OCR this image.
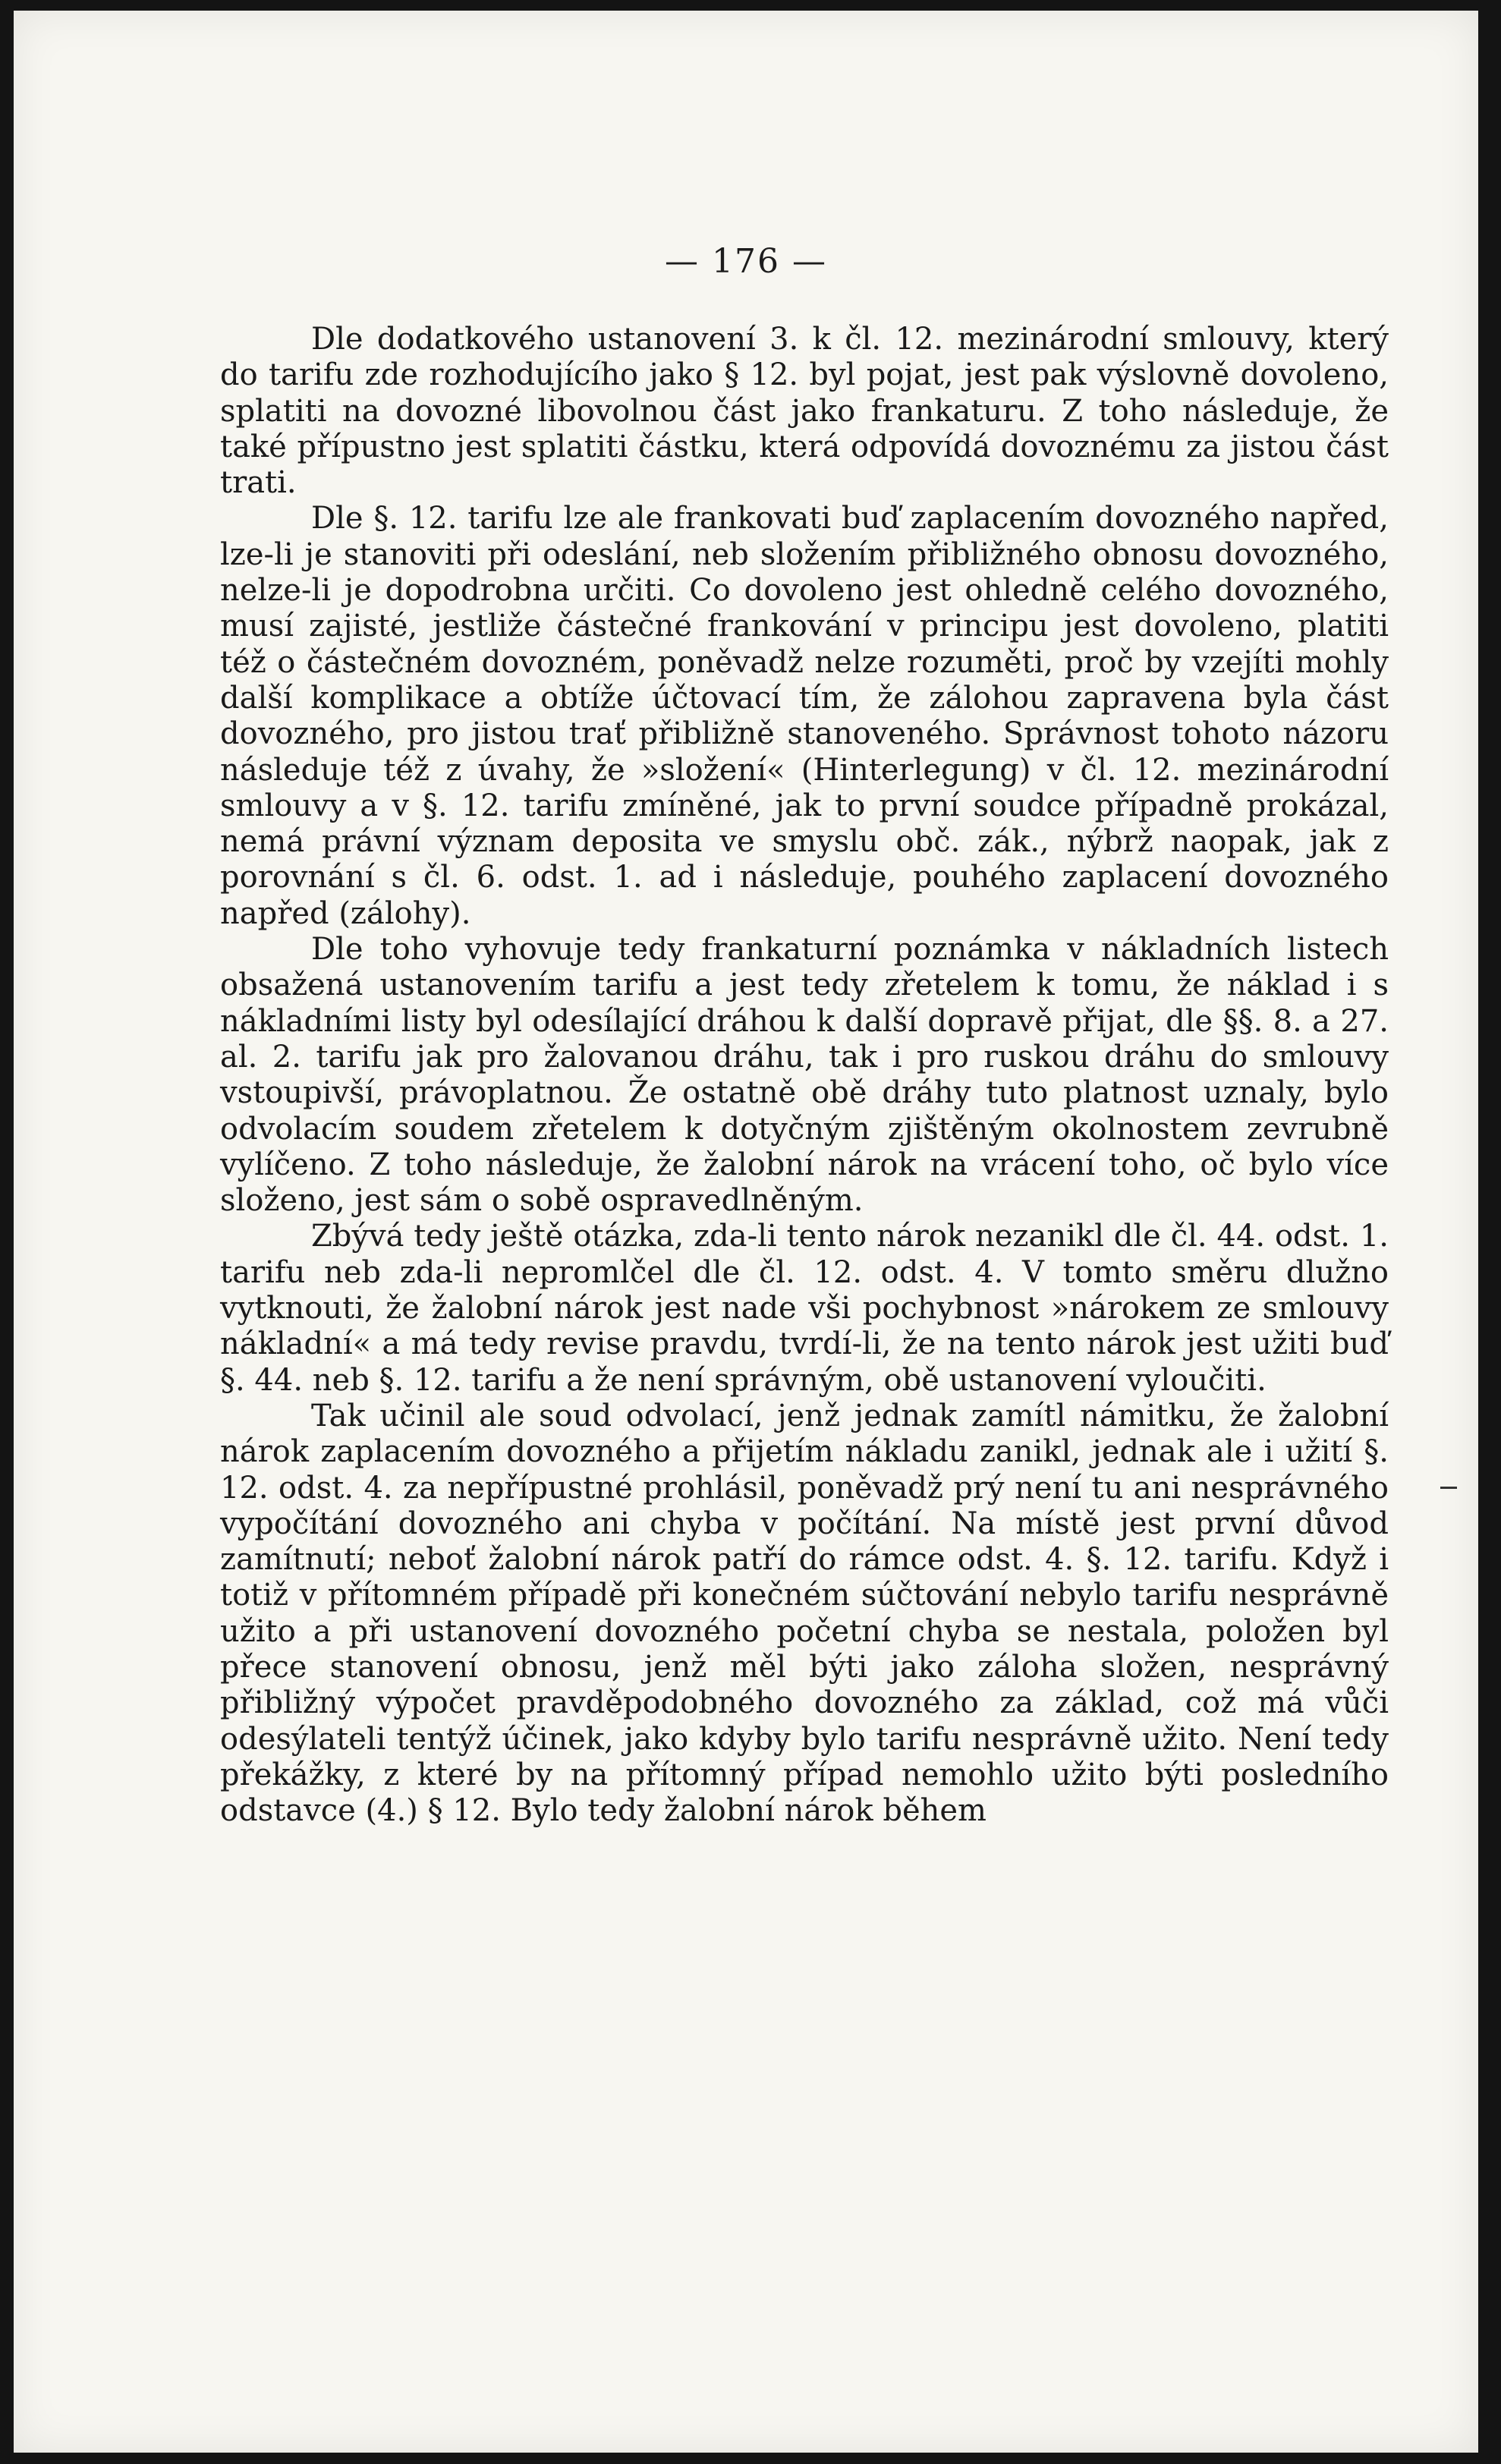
— 176 —

Dle dodatkového ustanovení 3. k čl. 12. mezinárodní smlouvy, který do tarifu zde rozhodujícího jako § 12. byl pojat, jest pak výslovně dovoleno, splatiti na dovozné libovolnou část jako frankaturu. Z toho následuje, že také přípustno jest splatiti částku, která odpovídá dovoznému za jistou část trati.

Dle §. 12. tarifu lze ale frankovati buď zaplacením dovozného napřed, lze-li je stanoviti při odeslání, neb složením přibližného obnosu dovozného, nelze-li je dopodrobna určiti. Co dovoleno jest ohledně celého dovozného, musí zajisté, jestliže částečné frankování v principu jest dovoleno, platiti též o částečném dovozném, poněvadž nelze rozuměti, proč by vzejíti mohly další komplikace a obtíže účtovací tím, že zálohou zapravena byla část dovozného, pro jistou trať přibližně stanoveného. Správnost tohoto názoru následuje též z úvahy, že »složení« (Hinterlegung) v čl. 12. mezinárodní smlouvy a v §. 12. tarifu zmíněné, jak to první soudce případně prokázal, nemá právní význam deposita ve smyslu obč. zák., nýbrž naopak, jak z porovnání s čl. 6. odst. 1. ad i následuje, pouhého zaplacení dovozného napřed (zálohy).

Dle toho vyhovuje tedy frankaturní poznámka v nákladních listech obsažená ustanovením tarifu a jest tedy zřetelem k tomu, že náklad i s nákladními listy byl odesílající dráhou k další dopravě přijat, dle §§. 8. a 27. al. 2. tarifu jak pro žalovanou dráhu, tak i pro ruskou dráhu do smlouvy vstoupivší, právoplatnou. Že ostatně obě dráhy tuto platnost uznaly, bylo odvolacím soudem zřetelem k dotyčným zjištěným okolnostem zevrubně vylíčeno. Z toho následuje, že žalobní nárok na vrácení toho, oč bylo více složeno, jest sám o sobě ospravedlněným.

Zbývá tedy ještě otázka, zda-li tento nárok nezanikl dle čl. 44. odst. 1. tarifu neb zda-li nepromlčel dle čl. 12. odst. 4. V tomto směru dlužno vytknouti, že žalobní nárok jest nade vši pochybnost »nárokem ze smlouvy nákladní« a má tedy revise pravdu, tvrdí-li, že na tento nárok jest užiti buď §. 44. neb §. 12. tarifu a že není správným, obě ustanovení vyloučiti.

Tak učinil ale soud odvolací, jenž jednak zamítl námitku, že žalobní nárok zaplacením dovozného a přijetím nákladu zanikl, jednak ale i užití §. 12. odst. 4. za nepřípustné prohlásil, poněvadž prý není tu ani nesprávného vypočítání dovozného ani chyba v počítání. Na místě jest první důvod zamítnutí; neboť žalobní nárok patří do rámce odst. 4. §. 12. tarifu. Když i totiž v přítomném případě při konečném súčtování nebylo tarifu nesprávně užito a při ustanovení dovozného početní chyba se nestala, položen byl přece stanovení obnosu, jenž měl býti jako záloha složen, nesprávný přibližný výpočet pravděpodobného dovozného za základ, což má vůči odesýlateli tentýž účinek, jako kdyby bylo tarifu nesprávně užito. Není tedy překážky, z které by na přítomný případ nemohlo užito býti posledního odstavce (4.) § 12. Bylo tedy žalobní nárok během
